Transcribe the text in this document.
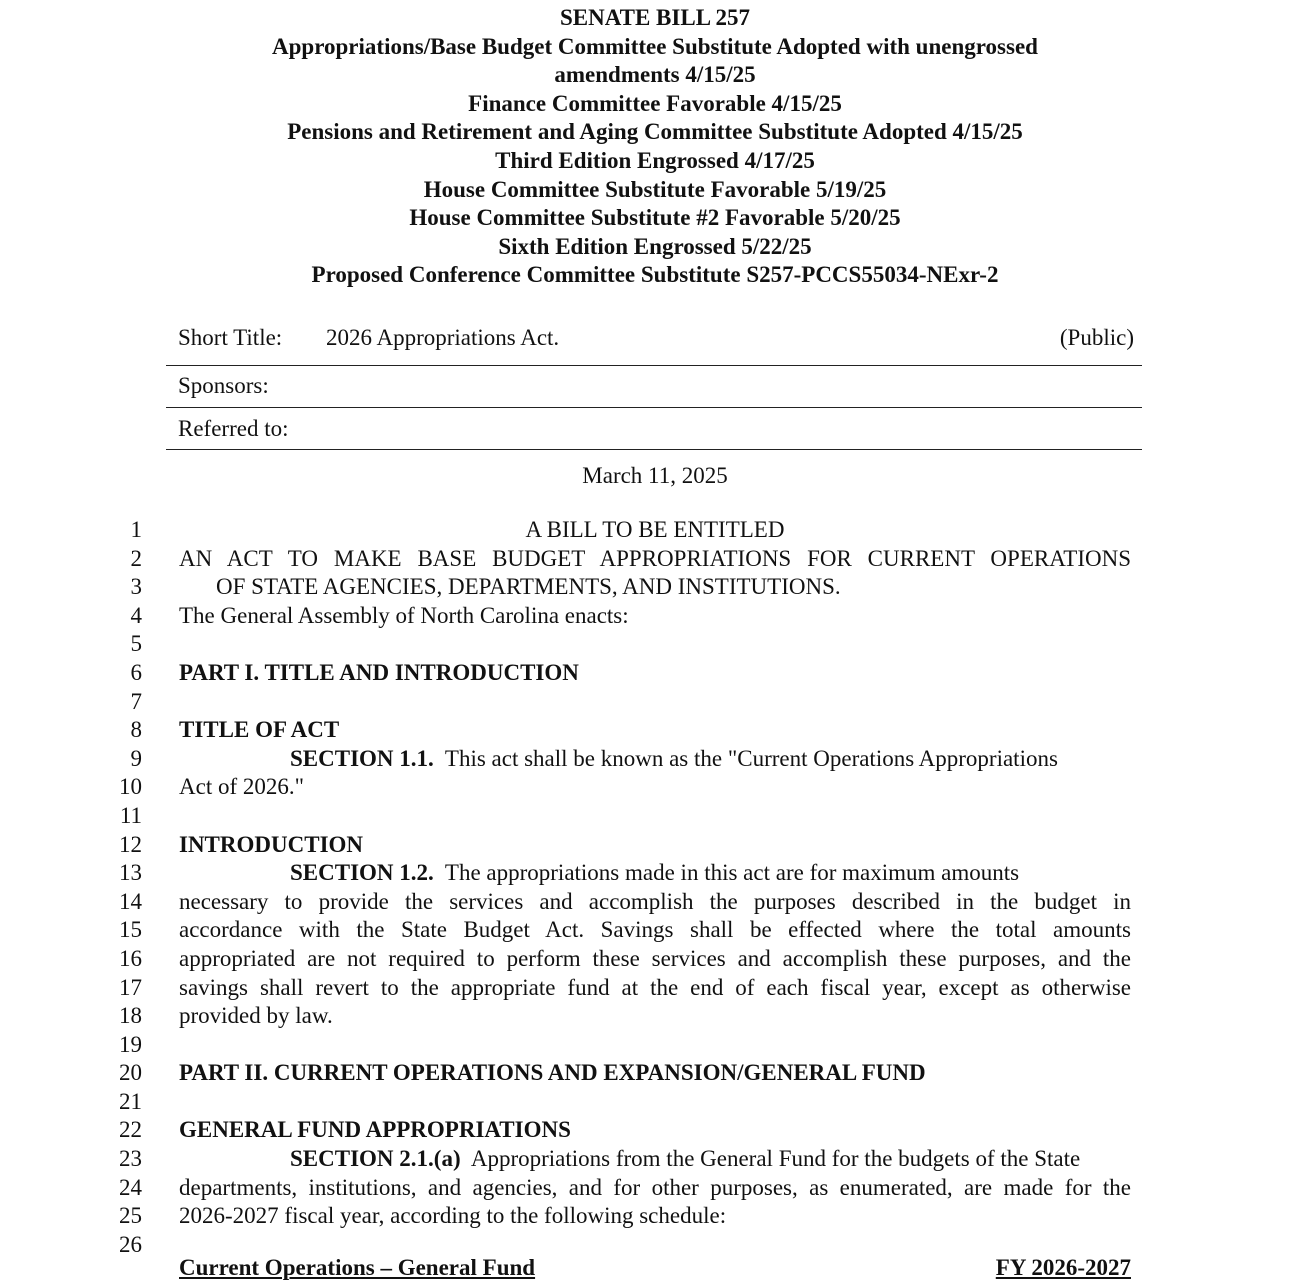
SENATE BILL 257
Appropriations/Base Budget Committee Substitute Adopted with unengrossed
amendments 4/15/25
Finance Committee Favorable 4/15/25
Pensions and Retirement and Aging Committee Substitute Adopted 4/15/25
Third Edition Engrossed 4/17/25
House Committee Substitute Favorable 5/19/25
House Committee Substitute #2 Favorable 5/20/25
Sixth Edition Engrossed 5/22/25
Proposed Conference Committee Substitute S257-PCCS55034-NExr-2
Short Title: 2026 Appropriations Act.	(Public)
Sponsors:
Referred to:
March 11, 2025
1	A BILL TO BE ENTITLED
2 AN ACT TO MAKE BASE BUDGET APPROPRIATIONS FOR CURRENT OPERATIONS
3	OF STATE AGENCIES, DEPARTMENTS, AND INSTITUTIONS.
4 The General Assembly of North Carolina enacts:
5
6 PART I. TITLE AND INTRODUCTION
7
8 TITLE OF ACT
9	SECTION 1.1. This act shall be known as the "Current Operations Appropriations
10 Act of 2026."
11
12 INTRODUCTION
13	SECTION 1.2. The appropriations made in this act are for maximum amounts
14 necessary to provide the services and accomplish the purposes described in the budget in
15 accordance with the State Budget Act. Savings shall be effected where the total amounts
16 appropriated are not required to perform these services and accomplish these purposes, and the
17 savings shall revert to the appropriate fund at the end of each fiscal year, except as otherwise
18 provided by law.
19
20 PART II. CURRENT OPERATIONS AND EXPANSION/GENERAL FUND
21
22 GENERAL FUND APPROPRIATIONS
23	SECTION 2.1.(a) Appropriations from the General Fund for the budgets of the State
24 departments, institutions, and agencies, and for other purposes, as enumerated, are made for the
25 2026-2027 fiscal year, according to the following schedule:
26
Current Operations – General Fund	FY 2026-2027
